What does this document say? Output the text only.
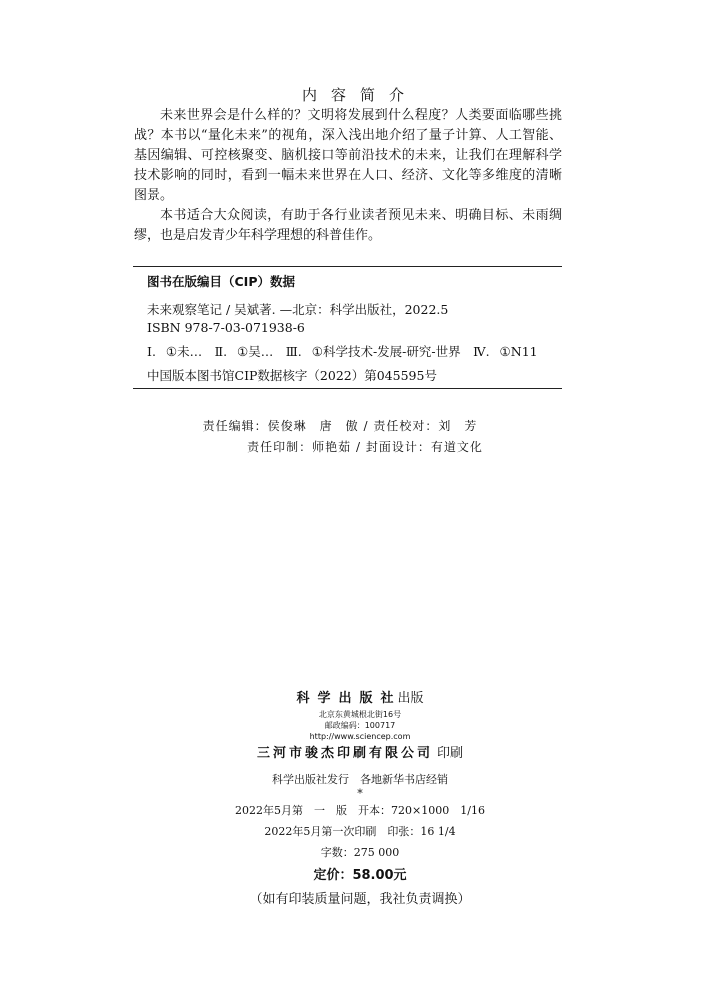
内容简介

未来世界会是什么样的？文明将发展到什么程度？人类要面临哪些挑战？本书以“量化未来”的视角，深入浅出地介绍了量子计算、人工智能、基因编辑、可控核聚变、脑机接口等前沿技术的未来，让我们在理解科学技术影响的同时，看到一幅未来世界在人口、经济、文化等多维度的清晰图景。

本书适合大众阅读，有助于各行业读者预见未来、明确目标、未雨绸缪，也是启发青少年科学理想的科普佳作。

图书在版编目（CIP）数据
未来观察笔记 / 吴斌著. —北京：科学出版社，2022.5
ISBN 978-7-03-071938-6
Ⅰ. ①未…　Ⅱ. ①吴…　Ⅲ. ①科学技术-发展-研究-世界　Ⅳ. ①N11
中国版本图书馆CIP数据核字（2022）第045595号
责任编辑：侯俊琳　唐　傲 / 责任校对：刘　芳
责任印制：师艳茹 / 封面设计：有道文化
科学出版社出版
北京东黄城根北街16号
邮政编码：100717
http://www.sciencep.com
三河市骏杰印刷有限公司 印刷
科学出版社发行　各地新华书店经销
*
2022年5月第　一　版　开本：720×1000　1/16
2022年5月第一次印刷　印张：16 1/4
字数：275 000
定价：58.00元
（如有印装质量问题，我社负责调换）
